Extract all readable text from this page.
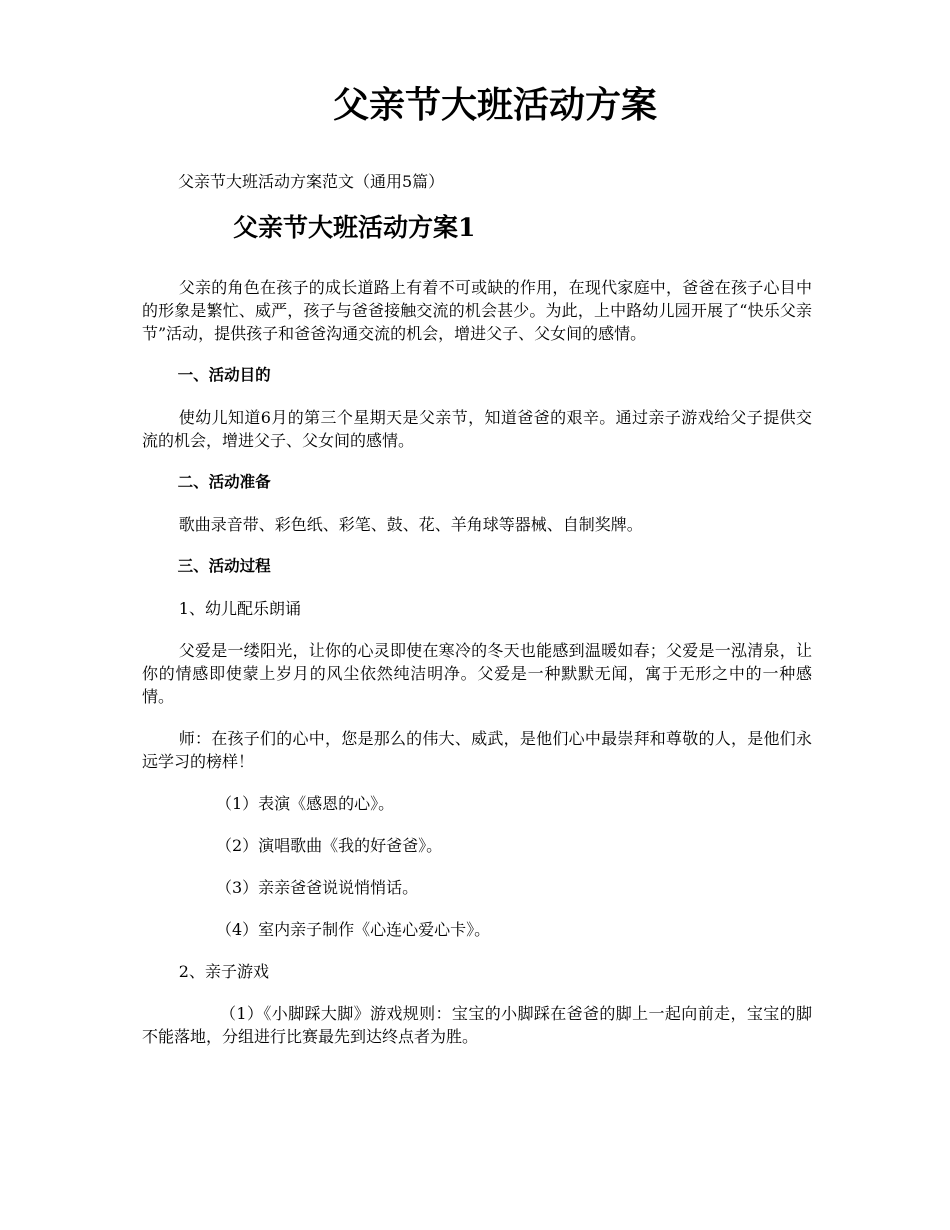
父亲节大班活动方案

父亲节大班活动方案范文（通用5篇）

父亲节大班活动方案1

父亲的角色在孩子的成长道路上有着不可或缺的作用，在现代家庭中，爸爸在孩子心目中的形象是繁忙、威严，孩子与爸爸接触交流的机会甚少。为此，上中路幼儿园开展了“快乐父亲节”活动，提供孩子和爸爸沟通交流的机会，增进父子、父女间的感情。

一、活动目的

使幼儿知道6月的第三个星期天是父亲节，知道爸爸的艰辛。通过亲子游戏给父子提供交流的机会，增进父子、父女间的感情。

二、活动准备

歌曲录音带、彩色纸、彩笔、鼓、花、羊角球等器械、自制奖牌。

三、活动过程

1、幼儿配乐朗诵

父爱是一缕阳光，让你的心灵即使在寒冷的冬天也能感到温暖如春；父爱是一泓清泉，让你的情感即使蒙上岁月的风尘依然纯洁明净。父爱是一种默默无闻，寓于无形之中的一种感情。

师：在孩子们的心中，您是那么的伟大、威武，是他们心中最崇拜和尊敬的人，是他们永远学习的榜样！

（1）表演《感恩的心》。

（2）演唱歌曲《我的好爸爸》。

（3）亲亲爸爸说说悄悄话。

（4）室内亲子制作《心连心爱心卡》。

2、亲子游戏

（1）《小脚踩大脚》游戏规则：宝宝的小脚踩在爸爸的脚上一起向前走，宝宝的脚不能落地，分组进行比赛最先到达终点者为胜。
